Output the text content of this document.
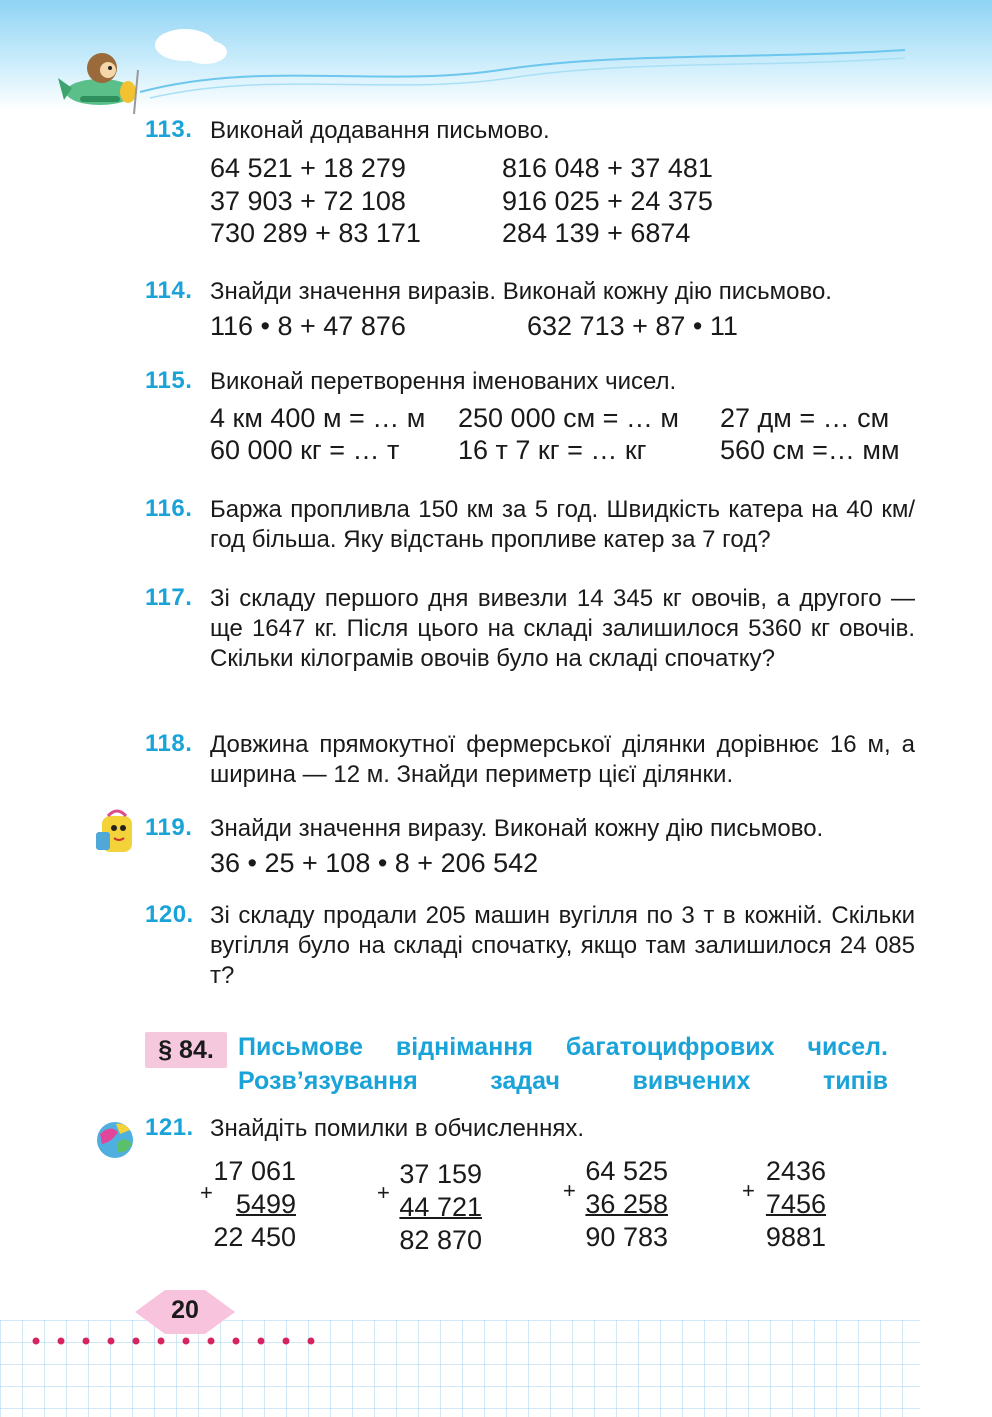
113. Виконай додавання письмово.
64 521 + 18 279
37 903 + 72 108
730 289 + 83 171
816 048 + 37 481
916 025 + 24 375
284 139 + 6874
114. Знайди значення виразів. Виконай кожну дію письмово.
116 • 8 + 47 876	632 713 + 87 • 11
115. Виконай перетворення іменованих чисел.
4 км 400 м = … м
60 000 кг = … т
250 000 см = … м
16 т 7 кг = … кг
27 дм = … см
560 см =… мм
116. Баржа пропливла 150 км за 5 год. Швидкість катера на 40 км/год більша. Яку відстань пропливе катер за 7 год?
117. Зі складу першого дня вивезли 14 345 кг овочів, а другого — ще 1647 кг. Після цього на складі залишилося 5360 кг овочів. Скільки кілограмів овочів було на складі спочатку?
118. Довжина прямокутної фермерської ділянки дорівнює 16 м, а ширина — 12 м. Знайди периметр цієї ділянки.
119. Знайди значення виразу. Виконай кожну дію письмово.
36 • 25 + 108 • 8 + 206 542
120. Зі складу продали 205 машин вугілля по 3 т в кожній. Скільки вугілля було на складі спочатку, якщо там залишилося 24 085 т?
§ 84. Письмове віднімання багатоцифрових чисел. Розв’язування задач вивчених типів
121. Знайдіть помилки в обчисленнях.
17 061
5499
22 450
+
37 159
44 721
82 870
+
64 525
36 258
90 783
+
2436
7456
9881
+
20
